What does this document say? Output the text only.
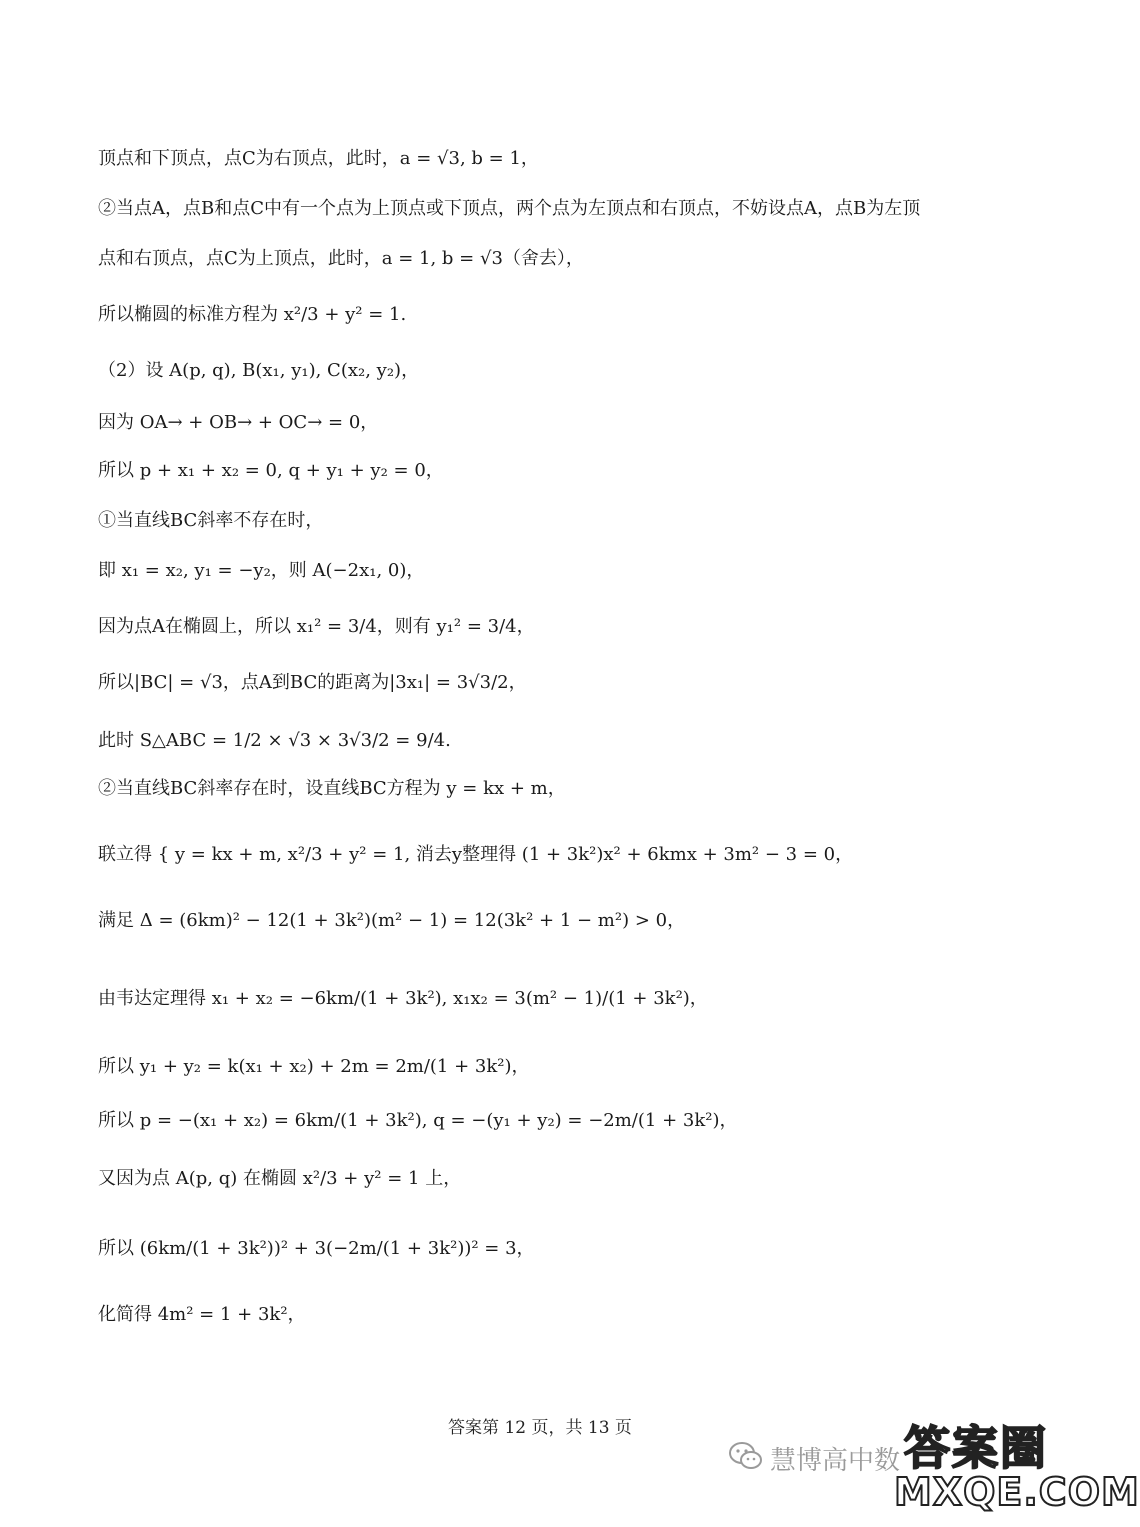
顶点和下顶点，点C为右顶点，此时，a = √3, b = 1，
②当点A，点B和点C中有一个点为上顶点或下顶点，两个点为左顶点和右顶点，不妨设点A，点B为左顶
点和右顶点，点C为上顶点，此时，a = 1, b = √3（舍去），
所以椭圆的标准方程为 x²/3 + y² = 1.
（2）设 A(p, q), B(x₁, y₁), C(x₂, y₂)，
因为 OA→ + OB→ + OC→ = 0，
所以 p + x₁ + x₂ = 0, q + y₁ + y₂ = 0，
①当直线BC斜率不存在时，
即 x₁ = x₂, y₁ = −y₂，则 A(−2x₁, 0)，
因为点A在椭圆上，所以 x₁² = 3/4，则有 y₁² = 3/4，
所以|BC| = √3，点A到BC的距离为|3x₁| = 3√3/2，
此时 S△ABC = 1/2 × √3 × 3√3/2 = 9/4.
②当直线BC斜率存在时，设直线BC方程为 y = kx + m，
联立得 { y = kx + m, x²/3 + y² = 1, 消去y整理得 (1 + 3k²)x² + 6kmx + 3m² − 3 = 0，
满足 Δ = (6km)² − 12(1 + 3k²)(m² − 1) = 12(3k² + 1 − m²) > 0，
由韦达定理得 x₁ + x₂ = −6km/(1 + 3k²), x₁x₂ = 3(m² − 1)/(1 + 3k²)，
所以 y₁ + y₂ = k(x₁ + x₂) + 2m = 2m/(1 + 3k²)，
所以 p = −(x₁ + x₂) = 6km/(1 + 3k²), q = −(y₁ + y₂) = −2m/(1 + 3k²)，
又因为点 A(p, q) 在椭圆 x²/3 + y² = 1 上，
所以 (6km/(1 + 3k²))² + 3(−2m/(1 + 3k²))² = 3，
化简得 4m² = 1 + 3k²，
答案第 12 页，共 13 页
慧博高中数 答案圈
MXQE.COM
